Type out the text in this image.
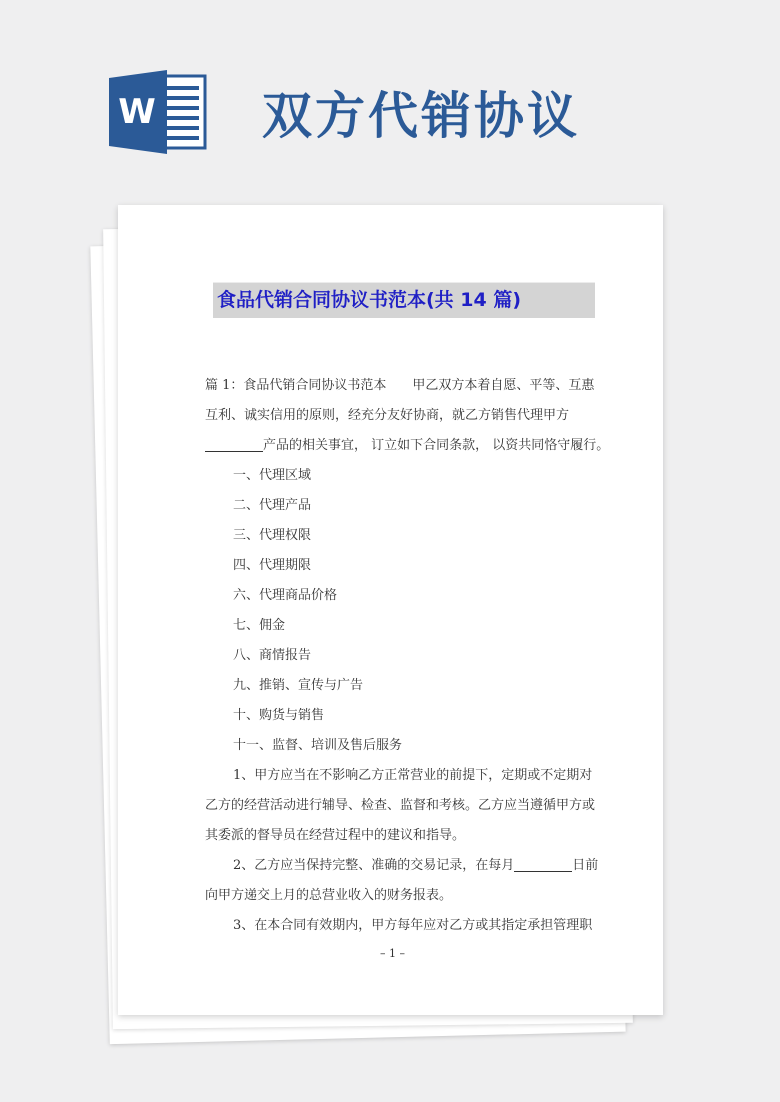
W 双方代销协议
食品代销合同协议书范本(共 14 篇)
篇 1：食品代销合同协议书范本　　甲乙双方本着自愿、平等、互惠
互利、诚实信用的原则，经充分友好协商，就乙方销售代理甲方
产品的相关事宜， 订立如下合同条款， 以资共同恪守履行。
一、代理区域
二、代理产品
三、代理权限
四、代理期限
六、代理商品价格
七、佣金
八、商情报告
九、推销、宣传与广告
十、购货与销售
十一、监督、培训及售后服务
1、甲方应当在不影响乙方正常营业的前提下，定期或不定期对
乙方的经营活动进行辅导、检查、监督和考核。乙方应当遵循甲方或
其委派的督导员在经营过程中的建议和指导。
2、乙方应当保持完整、准确的交易记录，在每月	日前
向甲方递交上月的总营业收入的财务报表。
3、在本合同有效期内，甲方每年应对乙方或其指定承担管理职
– 1 –
